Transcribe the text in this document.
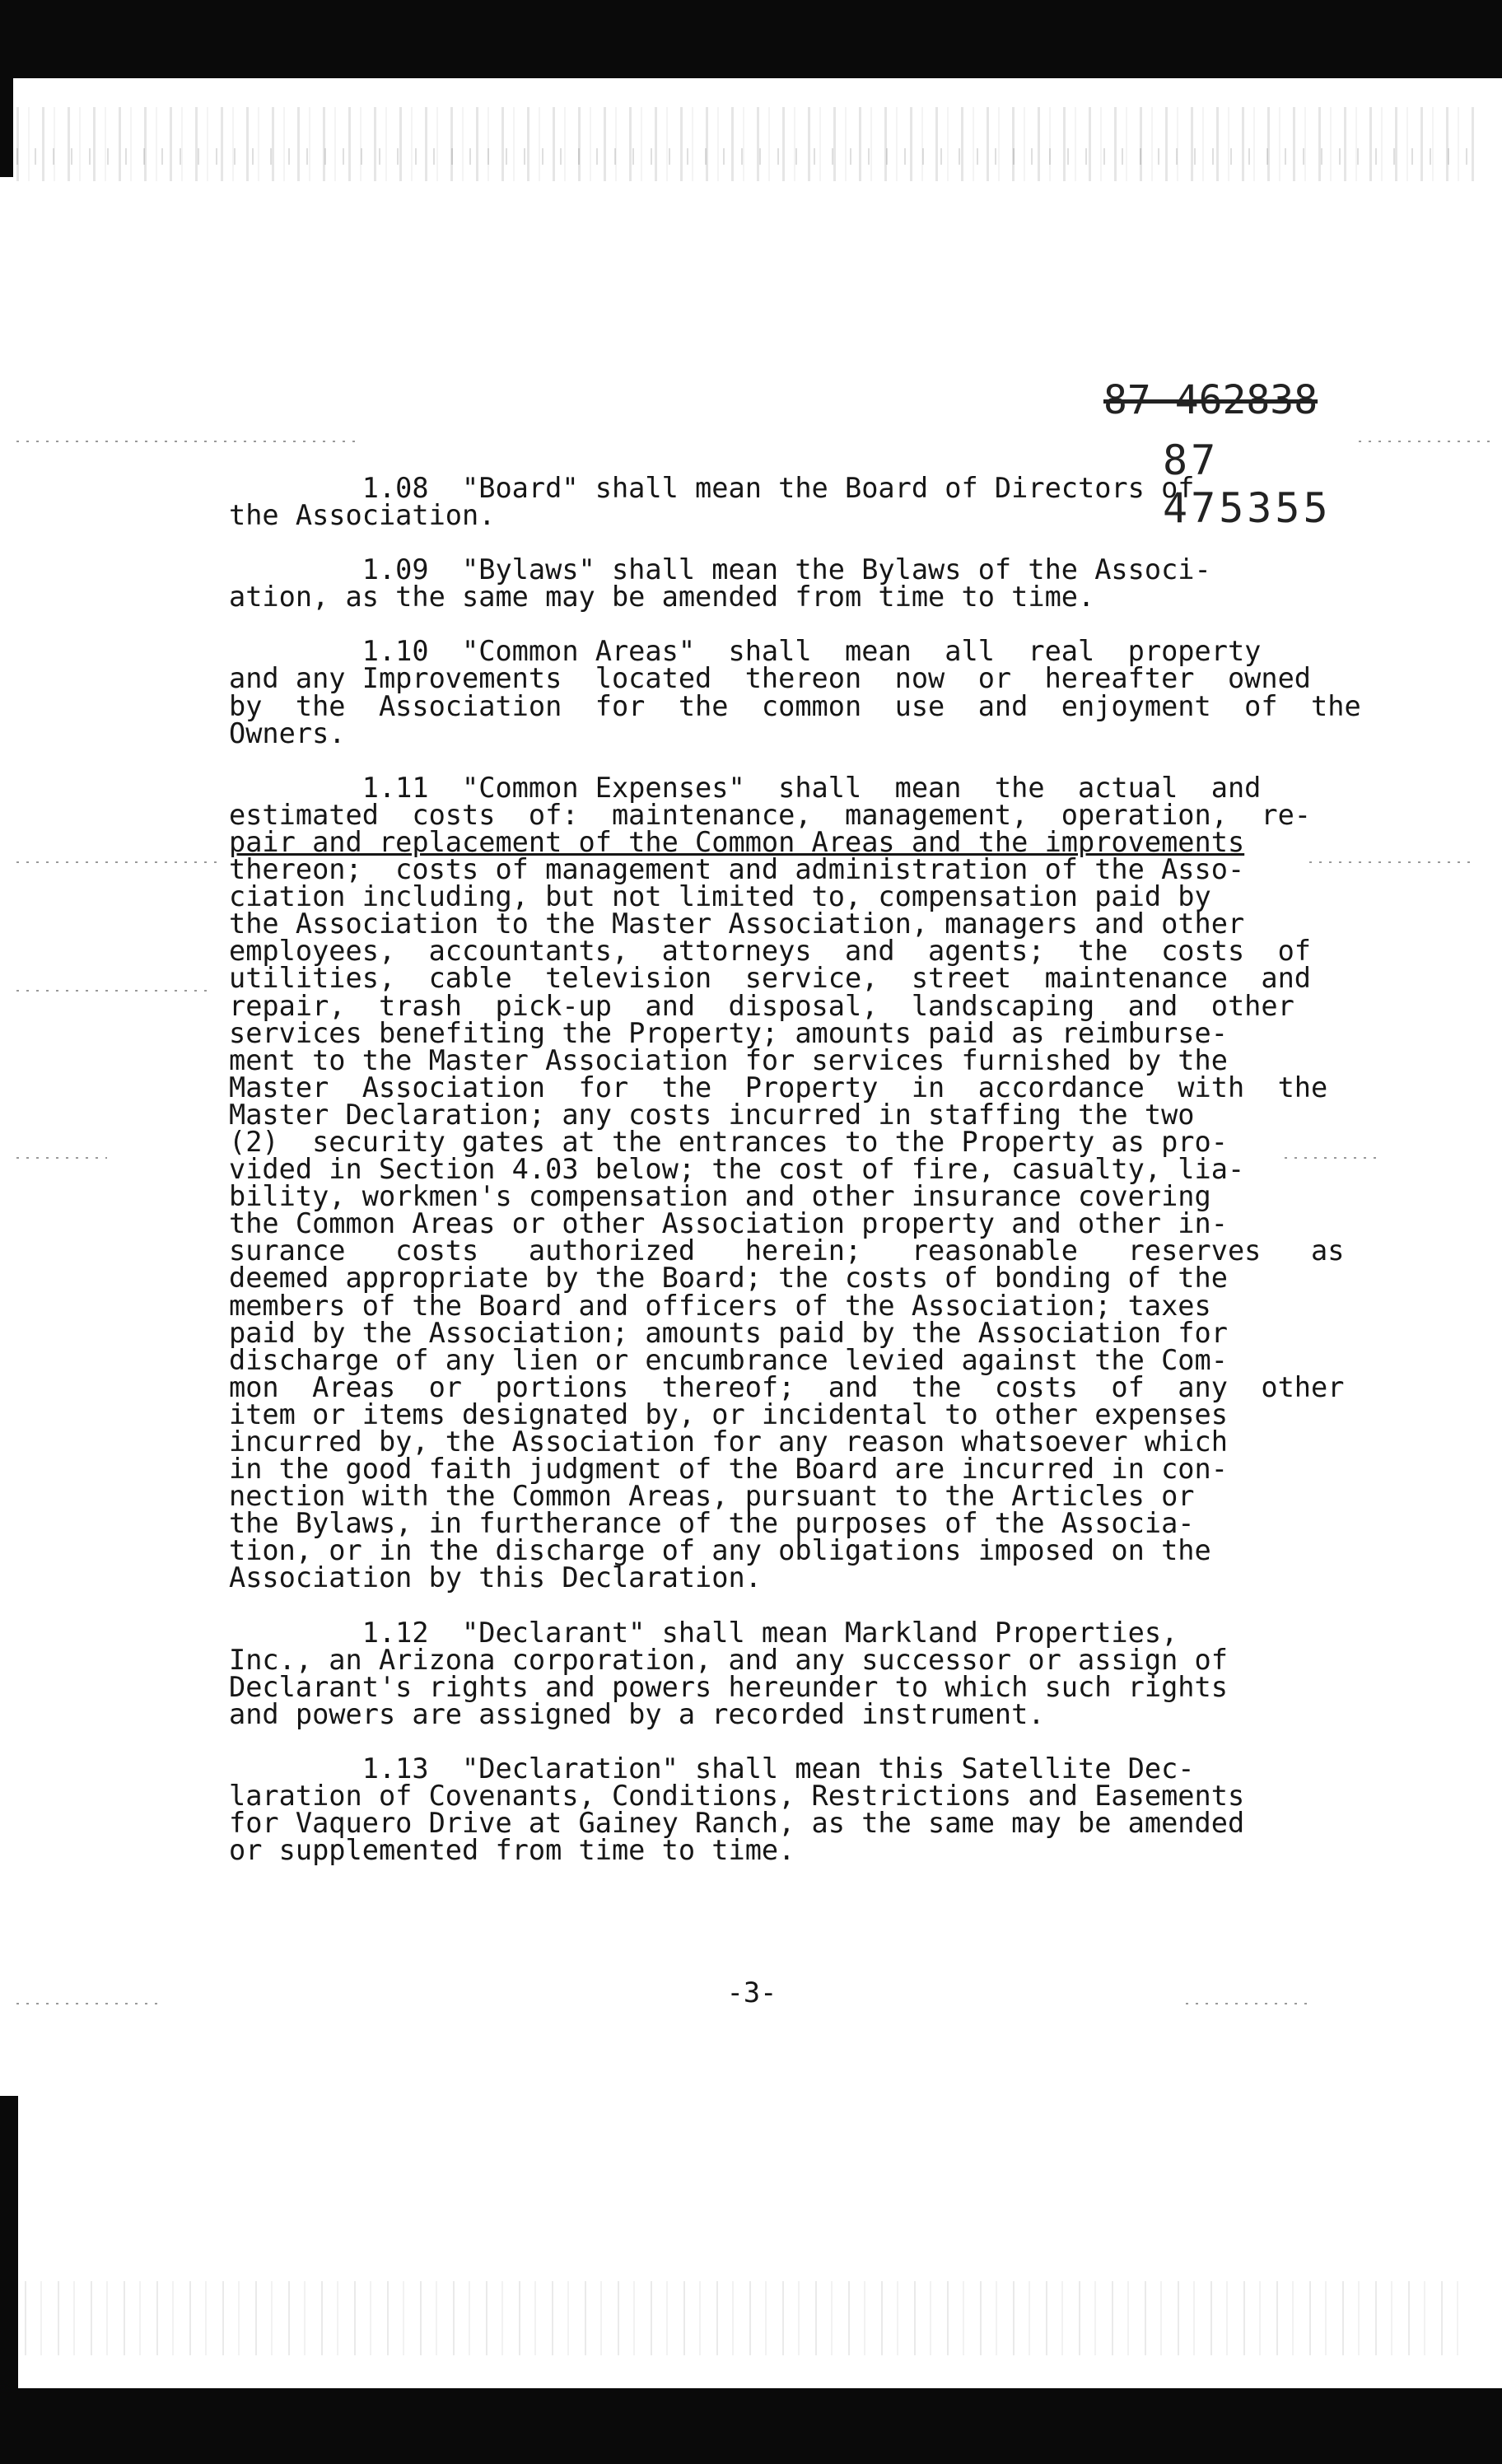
87 462838
87 475355
1.08  "Board" shall mean the Board of Directors of
the Association.
1.09  "Bylaws" shall mean the Bylaws of the Associ-
ation, as the same may be amended from time to time.
1.10  "Common Areas"  shall  mean  all  real  property
and any Improvements  located  thereon  now  or  hereafter  owned
by  the  Association  for  the  common  use  and  enjoyment  of  the
Owners.
1.11  "Common Expenses"  shall  mean  the  actual  and
estimated  costs  of:  maintenance,  management,  operation,  re-
pair and replacement of the Common Areas and the improvements
thereon;  costs of management and administration of the Asso-
ciation including, but not limited to, compensation paid by
the Association to the Master Association, managers and other
employees,  accountants,  attorneys  and  agents;  the  costs  of
utilities,  cable  television  service,  street  maintenance  and
repair,  trash  pick-up  and  disposal,  landscaping  and  other
services benefiting the Property; amounts paid as reimburse-
ment to the Master Association for services furnished by the
Master  Association  for  the  Property  in  accordance  with  the
Master Declaration; any costs incurred in staffing the two
(2)  security gates at the entrances to the Property as pro-
vided in Section 4.03 below; the cost of fire, casualty, lia-
bility, workmen's compensation and other insurance covering
the Common Areas or other Association property and other in-
surance   costs   authorized   herein;   reasonable   reserves   as
deemed appropriate by the Board; the costs of bonding of the
members of the Board and officers of the Association; taxes
paid by the Association; amounts paid by the Association for
discharge of any lien or encumbrance levied against the Com-
mon  Areas  or  portions  thereof;  and  the  costs  of  any  other
item or items designated by, or incidental to other expenses
incurred by, the Association for any reason whatsoever which
in the good faith judgment of the Board are incurred in con-
nection with the Common Areas, pursuant to the Articles or
the Bylaws, in furtherance of the purposes of the Associa-
tion, or in the discharge of any obligations imposed on the
Association by this Declaration.
1.12  "Declarant" shall mean Markland Properties,
Inc., an Arizona corporation, and any successor or assign of
Declarant's rights and powers hereunder to which such rights
and powers are assigned by a recorded instrument.
1.13  "Declaration" shall mean this Satellite Dec-
laration of Covenants, Conditions, Restrictions and Easements
for Vaquero Drive at Gainey Ranch, as the same may be amended
or supplemented from time to time.
-3-
